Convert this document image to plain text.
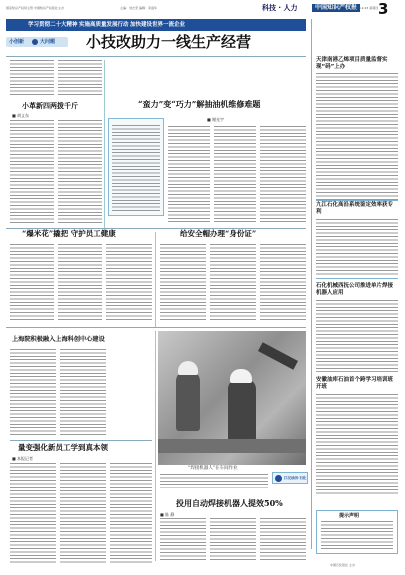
国家知识产权局主管 中国知识产权报社主办	主编：刘志坚 编辑：李盛华	科技 · 人力	中国知识产权报
2023.2.23 星期四 3
学习贯彻二十大精神 实施高质量发展行动 加快建设世界一流企业
小创新	大问题 小技改助力一线生产经营
小革新四两拨千斤
■ 胡义东
“蛮力”变“巧力”解抽油机维修难题
■ 谢光宇
天津南港乙烯项目质量监督实现“码”上办
九江石化高沿系统鉴定效率获专利
石化机械西抚公司推进单片焊接机器人应用
安徽油库石油首个跨学习培训班开班
提示声明
“爆米花”撬把 守护员工健康	给安全帽办理“身份证”
上海院积极融入上海科创中心建设
量变强化新员工学到真本领
■ 本报记者
“焊接机器人”在车间作业
江汉油田·石化
投用自动焊接机器人提效50%
■ 陈 静
中国石化报社 主办
